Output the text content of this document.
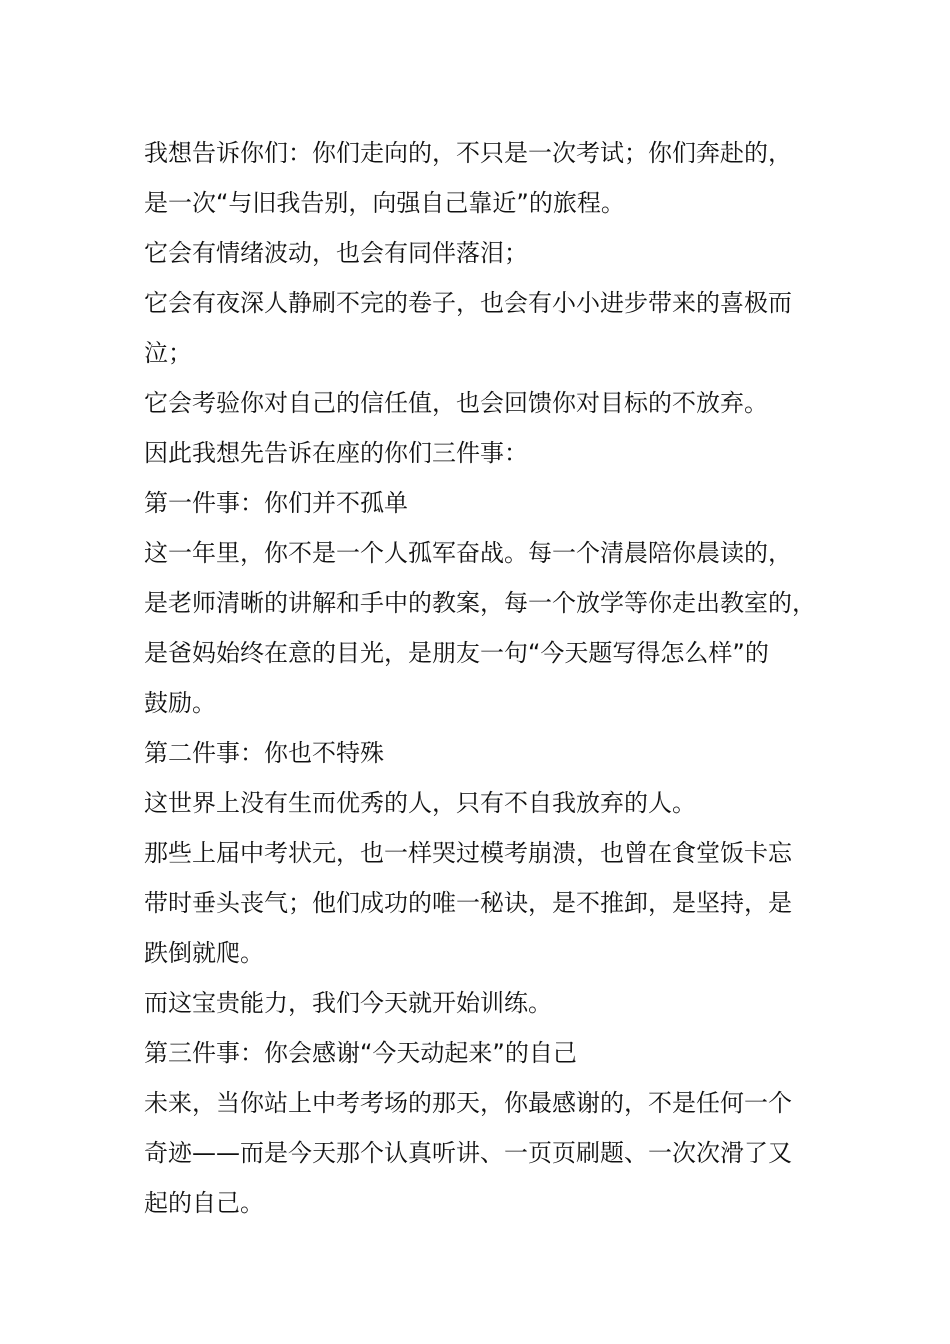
我想告诉你们：你们走向的，不只是一次考试；你们奔赴的，

是一次“与旧我告别，向强自己靠近”的旅程。

它会有情绪波动，也会有同伴落泪；

它会有夜深人静刷不完的卷子，也会有小小进步带来的喜极而

泣；

它会考验你对自己的信任值，也会回馈你对目标的不放弃。

因此我想先告诉在座的你们三件事：

第一件事：你们并不孤单

这一年里，你不是一个人孤军奋战。每一个清晨陪你晨读的，

是老师清晰的讲解和手中的教案，每一个放学等你走出教室的，

是爸妈始终在意的目光，是朋友一句“今天题写得怎么样”的

鼓励。

第二件事：你也不特殊

这世界上没有生而优秀的人，只有不自我放弃的人。

那些上届中考状元，也一样哭过模考崩溃，也曾在食堂饭卡忘

带时垂头丧气；他们成功的唯一秘诀，是不推卸，是坚持，是

跌倒就爬。

而这宝贵能力，我们今天就开始训练。

第三件事：你会感谢“今天动起来”的自己

未来，当你站上中考考场的那天，你最感谢的，不是任何一个

奇迹——而是今天那个认真听讲、一页页刷题、一次次滑了又

起的自己。
